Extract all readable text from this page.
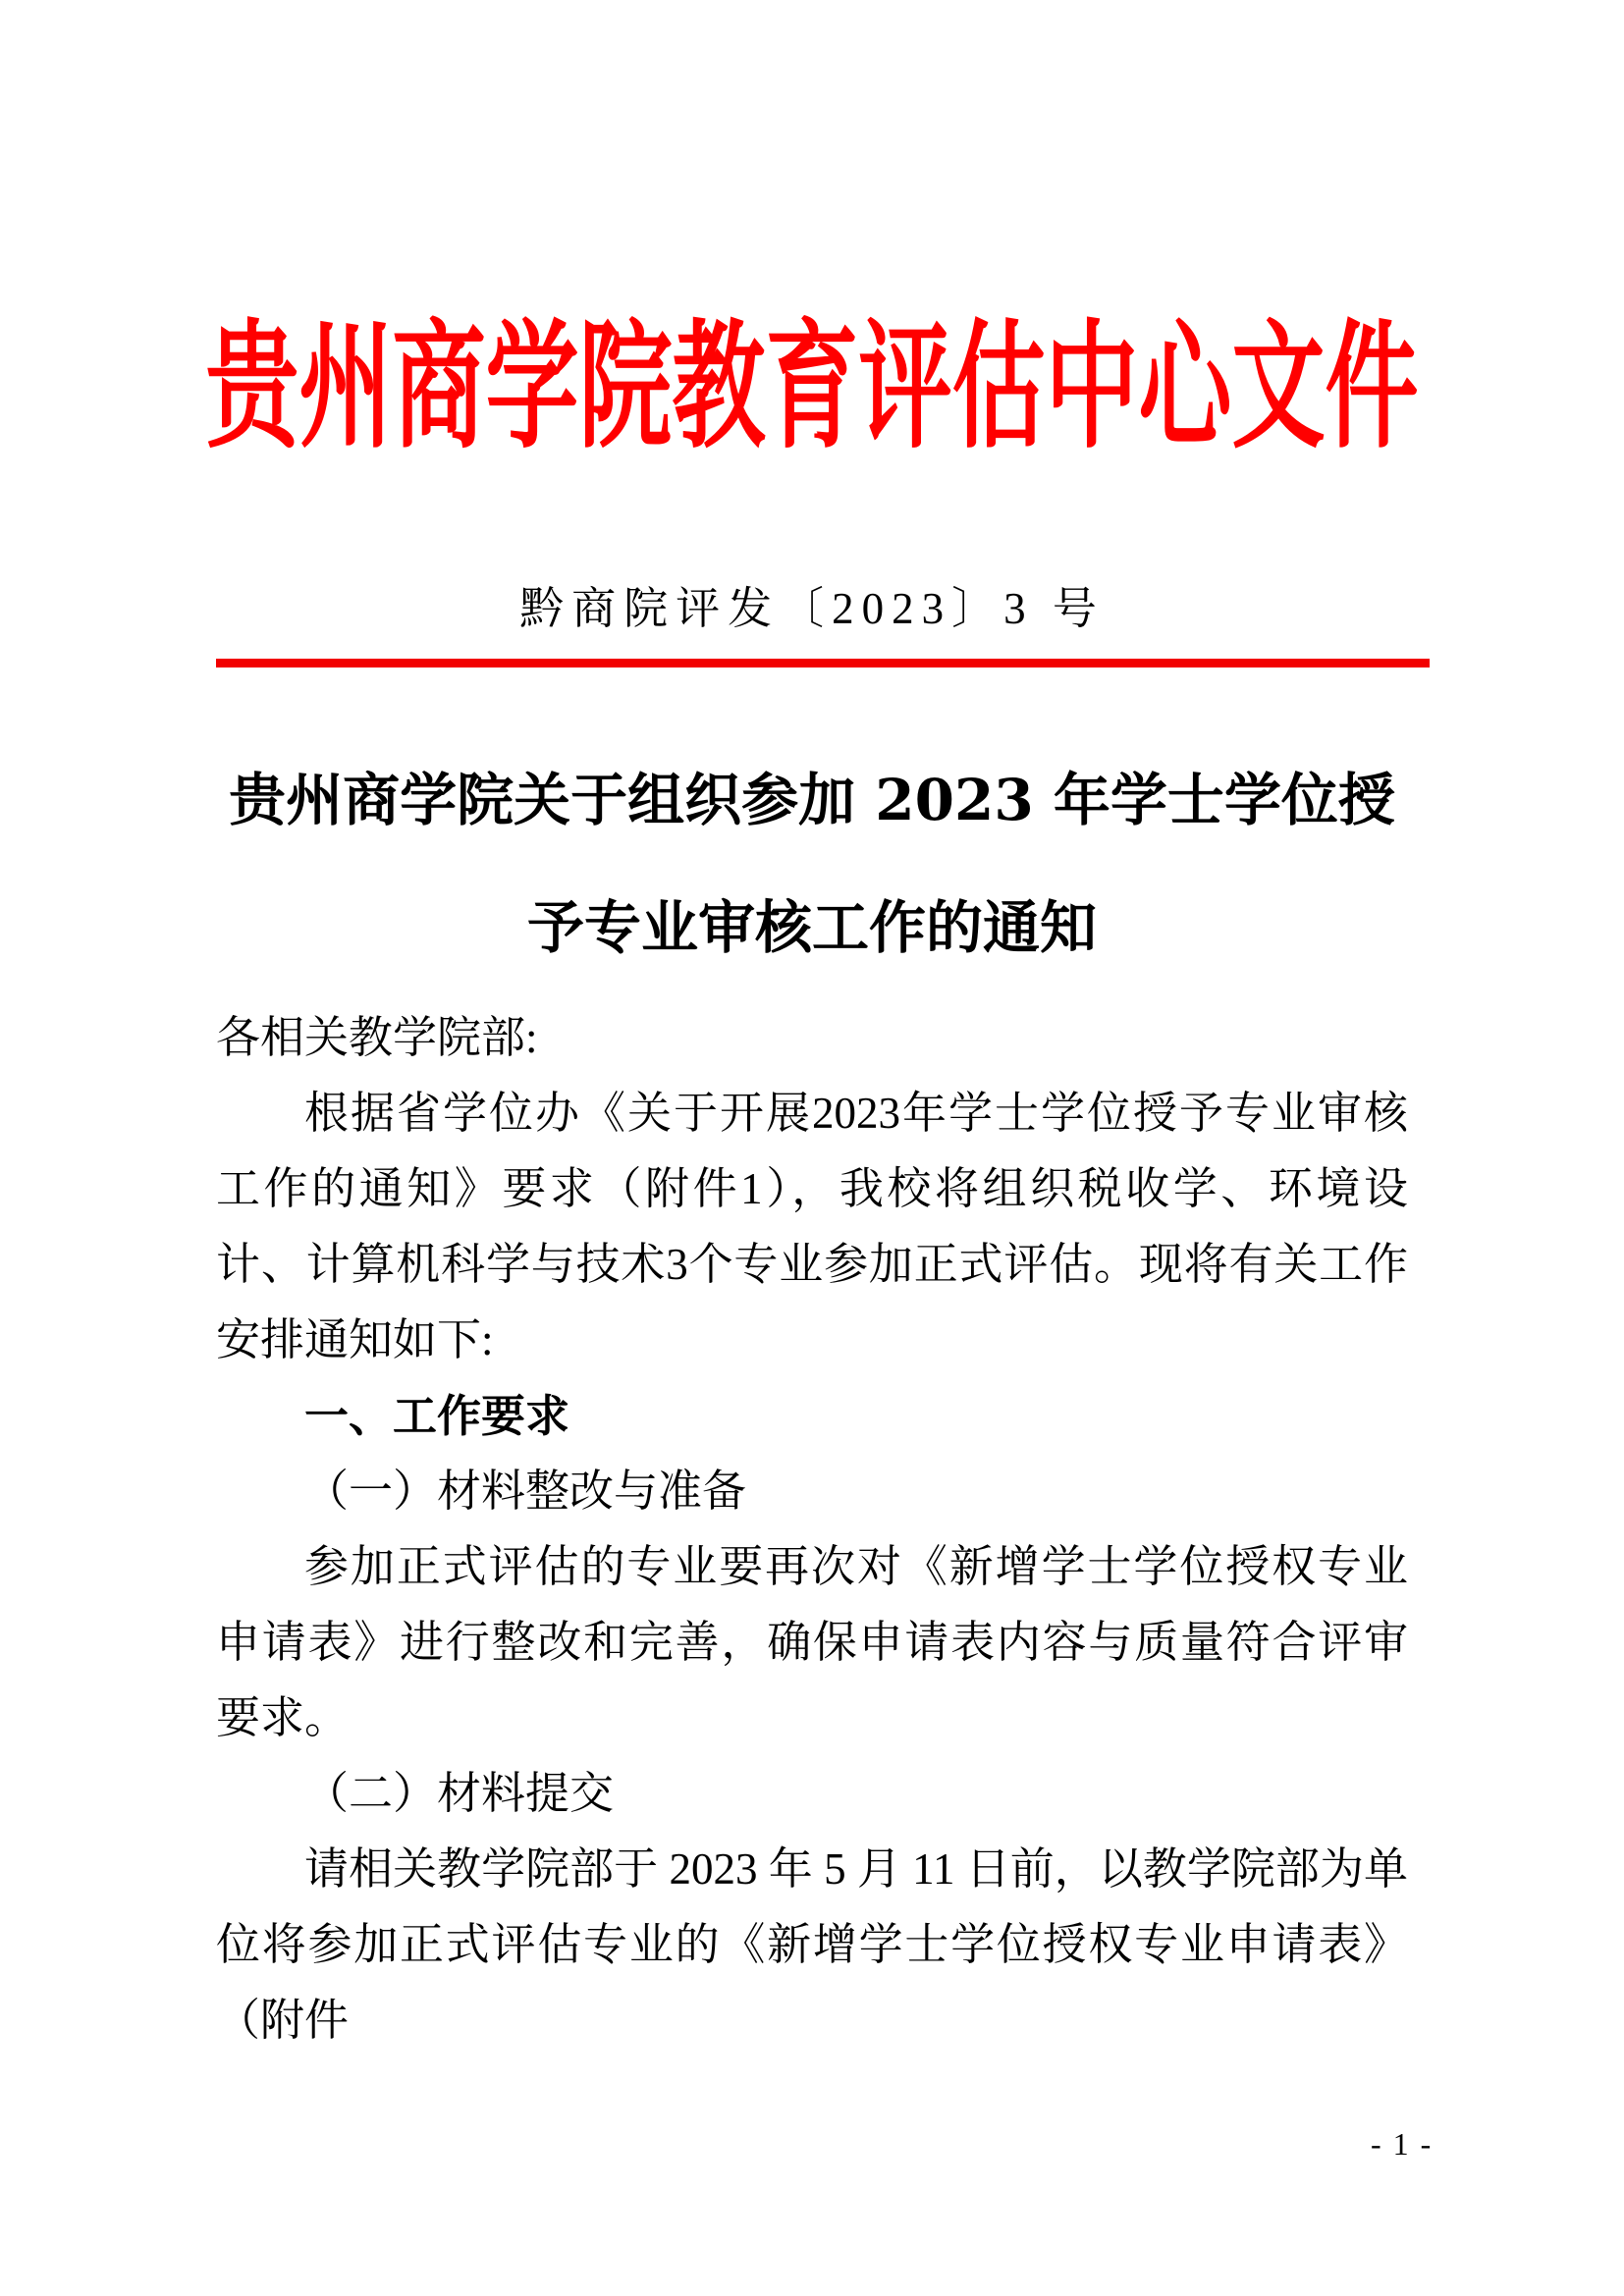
贵州商学院教育评估中心文件
黔商院评发〔2023〕3 号
贵州商学院关于组织参加 2023 年学士学位授
予专业审核工作的通知

各相关教学院部:

根据省学位办《关于开展2023年学士学位授予专业审核工作的通知》要求（附件1），我校将组织税收学、环境设计、计算机科学与技术3个专业参加正式评估。现将有关工作安排通知如下:

一、工作要求

（一）材料整改与准备

参加正式评估的专业要再次对《新增学士学位授权专业申请表》进行整改和完善，确保申请表内容与质量符合评审要求。

（二）材料提交

请相关教学院部于 2023 年 5 月 11 日前，以教学院部为单位将参加正式评估专业的《新增学士学位授权专业申请表》（附件

- 1 -
